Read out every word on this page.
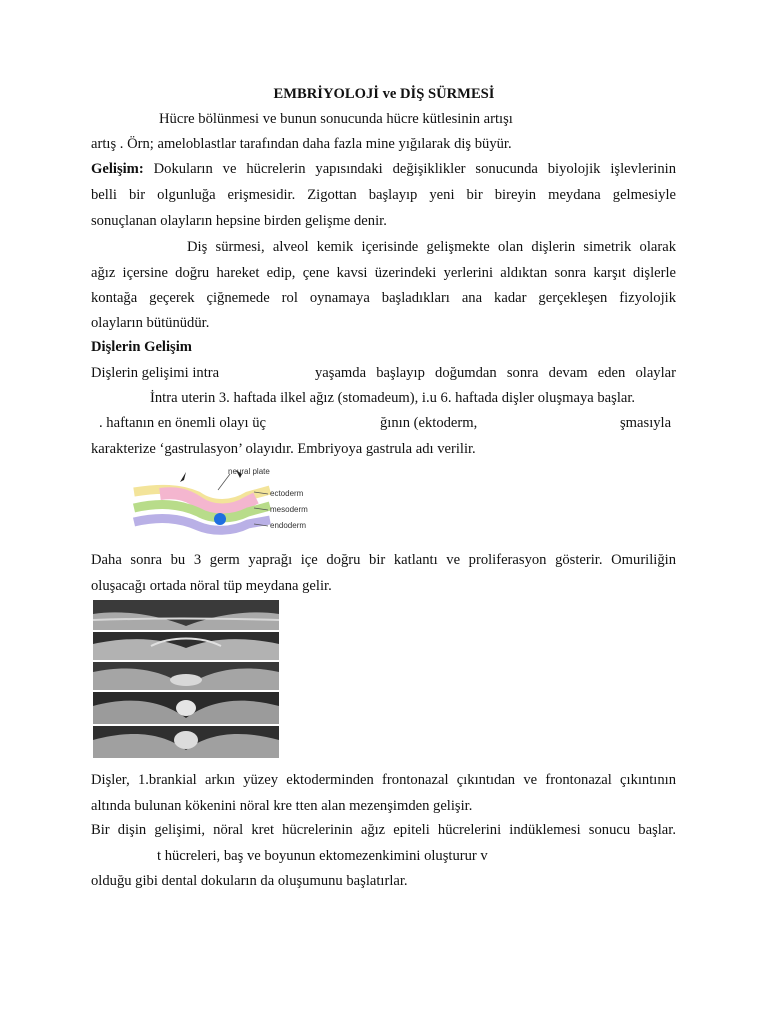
EMBRİYOLOJİ ve DİŞ SÜRMESİ
Hücre bölünmesi ve bunun sonucunda hücre kütlesinin artışı
artış . Örn; ameloblastlar tarafından daha fazla mine yığılarak diş büyür.
Gelişim: Dokuların ve hücrelerin yapısındaki değişiklikler sonucunda biyolojik işlevlerinin
belli bir olgunluğa erişmesidir. Zigottan başlayıp yeni bir bireyin meydana gelmesiyle
sonuçlanan olayların hepsine birden gelişme denir.
Diş sürmesi, alveol kemik içerisinde gelişmekte olan dişlerin simetrik olarak
ağız içersine doğru hareket edip, çene kavsi üzerindeki yerlerini aldıktan sonra karşıt dişlerle
kontağa geçerek çiğnemede rol oynamaya başladıkları ana kadar gerçekleşen fizyolojik
olayların bütünüdür.
Dişlerin Gelişim
Dişlerin gelişimi intra	yaşamda başlayıp doğumdan sonra devam eden olaylar
İntra uterin 3. haftada ilkel ağız (stomadeum), i.u 6. haftada dişler oluşmaya başlar.
. haftanın en önemli olayı üç	ğının (ektoderm,	şmasıyla
karakterize ‘gastrulasyon’ olayıdır. Embriyoya gastrula adı verilir.
neural plate
ectoderm
mesoderm
endoderm
Daha sonra bu 3 germ yaprağı içe doğru bir katlantı ve proliferasyon gösterir. Omuriliğin
oluşacağı ortada nöral tüp meydana gelir.
Dişler, 1.brankial arkın yüzey ektoderminden frontonazal çıkıntıdan ve frontonazal çıkıntının
altında bulunan kökenini nöral kre tten alan mezenşimden gelişir.
Bir dişin gelişimi, nöral kret hücrelerinin ağız epiteli hücrelerini indüklemesi sonucu başlar.
t hücreleri, baş ve boyunun ektomezenkimini oluşturur v
olduğu gibi dental dokuların da oluşumunu başlatırlar.
